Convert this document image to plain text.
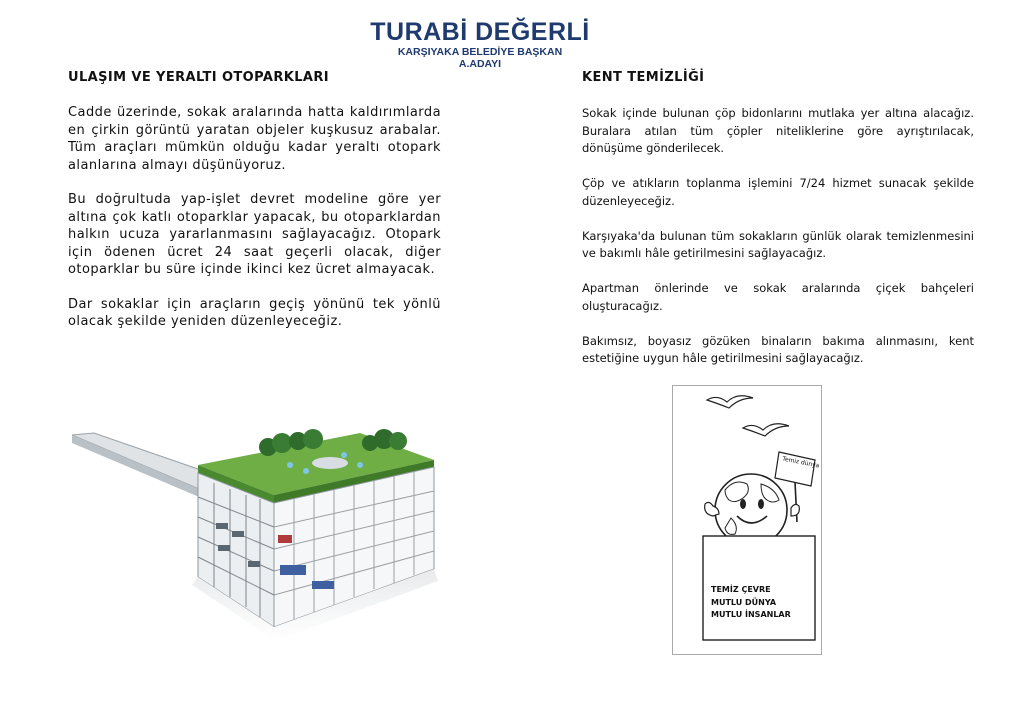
TURABİ DEĞERLİ
KARŞIYAKA BELEDİYE BAŞKAN
A.ADAYI
ULAŞIM VE YERALTI OTOPARKLARI	KENT TEMİZLİĞİ

Cadde üzerinde, sokak aralarında hatta kaldırımlarda en çirkin görüntü yaratan objeler kuşkusuz arabalar. Tüm araçları mümkün olduğu kadar yeraltı otopark alanlarına almayı düşünüyoruz.

Bu doğrultuda yap-işlet devret modeline göre yer altına çok katlı otoparklar yapacak, bu otoparklardan halkın ucuza yararlanmasını sağlayacağız. Otopark için ödenen ücret 24 saat geçerli olacak, diğer otoparklar bu süre içinde ikinci kez ücret almayacak.

Dar sokaklar için araçların geçiş yönünü tek yönlü olacak şekilde yeniden düzenleyeceğiz.

Sokak içinde bulunan çöp bidonlarını mutlaka yer altına alacağız. Buralara atılan tüm çöpler niteliklerine göre ayrıştırılacak, dönüşüme gönderilecek.

Çöp ve atıkların toplanma işlemini 7/24 hizmet sunacak şekilde düzenleyeceğiz.

Karşıyaka'da bulunan tüm sokakların günlük olarak temizlenmesini ve bakımlı hâle getirilmesini sağlayacağız.

Apartman önlerinde ve sokak aralarında çiçek bahçeleri oluşturacağız.

Bakımsız, boyasız gözüken binaların bakıma alınmasını, kent estetiğine uygun hâle getirilmesini sağlayacağız.

Temiz dünya
TEMİZ ÇEVRE
MUTLU DÜNYA
MUTLU İNSANLAR
